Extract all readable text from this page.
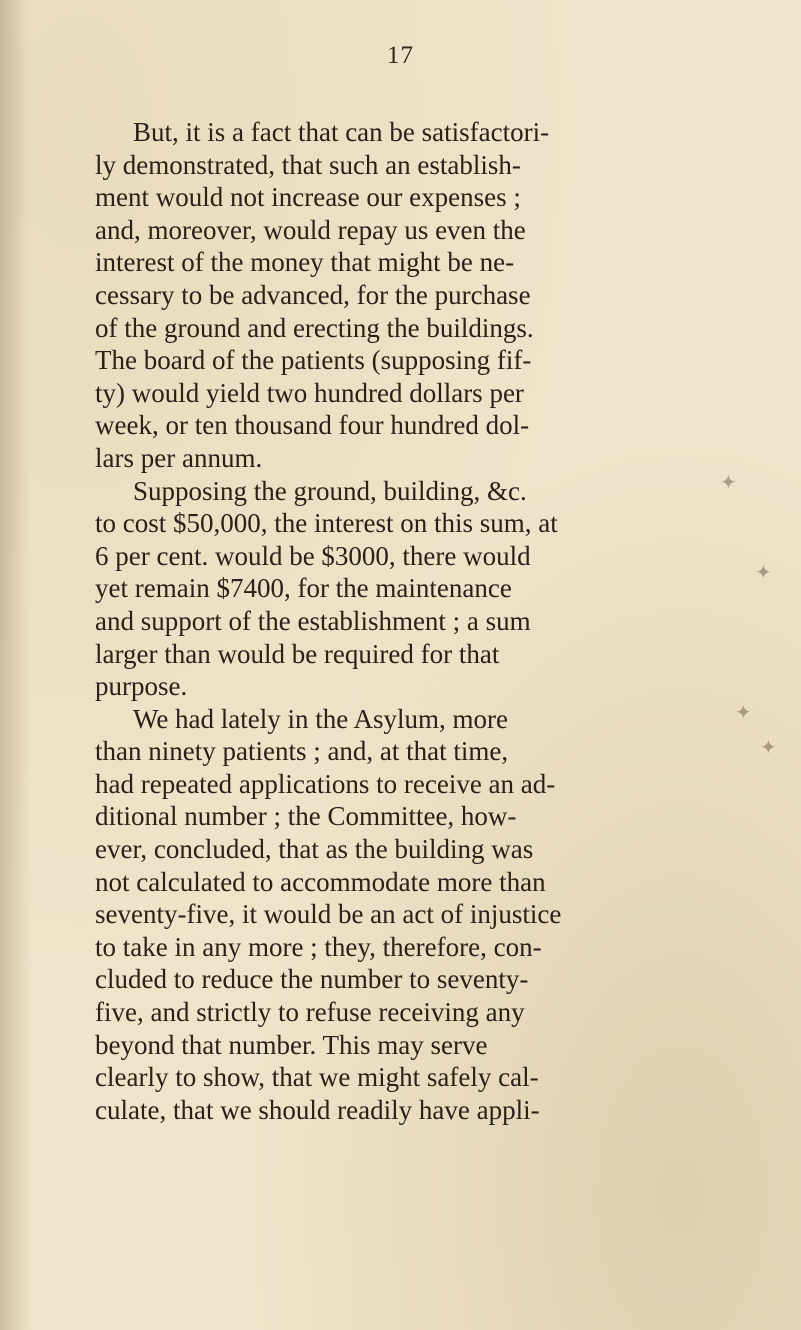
17

But, it is a fact that can be satisfactori-
ly demonstrated, that such an establish-
ment would not increase our expenses ;
and, moreover, would repay us even the
interest of the money that might be ne-
cessary to be advanced, for the purchase
of the ground and erecting the buildings.
The board of the patients (supposing fif-
ty) would yield two hundred dollars per
week, or ten thousand four hundred dol-
lars per annum.

Supposing the ground, building, &c.
to cost $50,000, the interest on this sum, at
6 per cent. would be $3000, there would
yet remain $7400, for the maintenance
and support of the establishment ; a sum
larger than would be required for that
purpose.

We had lately in the Asylum, more
than ninety patients ; and, at that time,
had repeated applications to receive an ad-
ditional number ; the Committee, how-
ever, concluded, that as the building was
not calculated to accommodate more than
seventy-five, it would be an act of injustice
to take in any more ; they, therefore, con-
cluded to reduce the number to seventy-
five, and strictly to refuse receiving any
beyond that number. This may serve
clearly to show, that we might safely cal-
culate, that we should readily have appli-

✦
✦
✦
✦
